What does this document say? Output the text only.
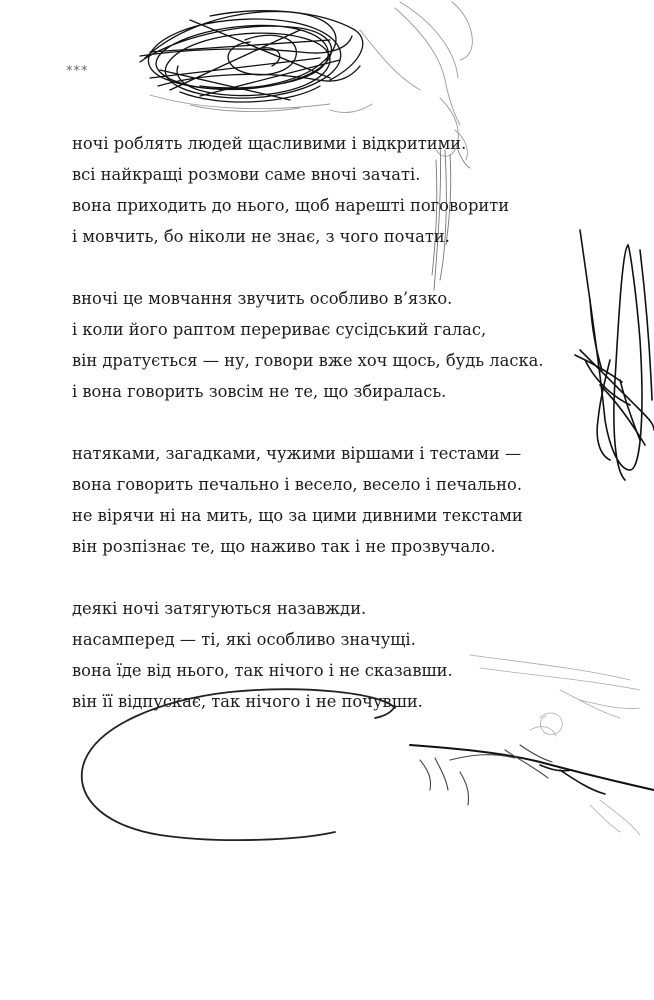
***
ночі роблять людей щасливими і відкритими.
всі найкращі розмови саме вночі зачаті.
вона приходить до нього, щоб нарешті поговорити
і мовчить, бо ніколи не знає, з чого почати.
вночі це мовчання звучить особливо в’язко.
і коли його раптом перериває сусідський галас,
він дратується — ну, говори вже хоч щось, будь ласка.
і вона говорить зовсім не те, що збиралась.
натяками, загадками, чужими віршами і тестами —
вона говорить печально і весело, весело і печально.
не вірячи ні на мить, що за цими дивними текстами
він розпізнає те, що наживо так і не прозвучало.
деякі ночі затягуються назавжди.
насамперед — ті, які особливо значущі.
вона їде від нього, так нічого і не сказавши.
він її відпускає, так нічого і не почувши.
